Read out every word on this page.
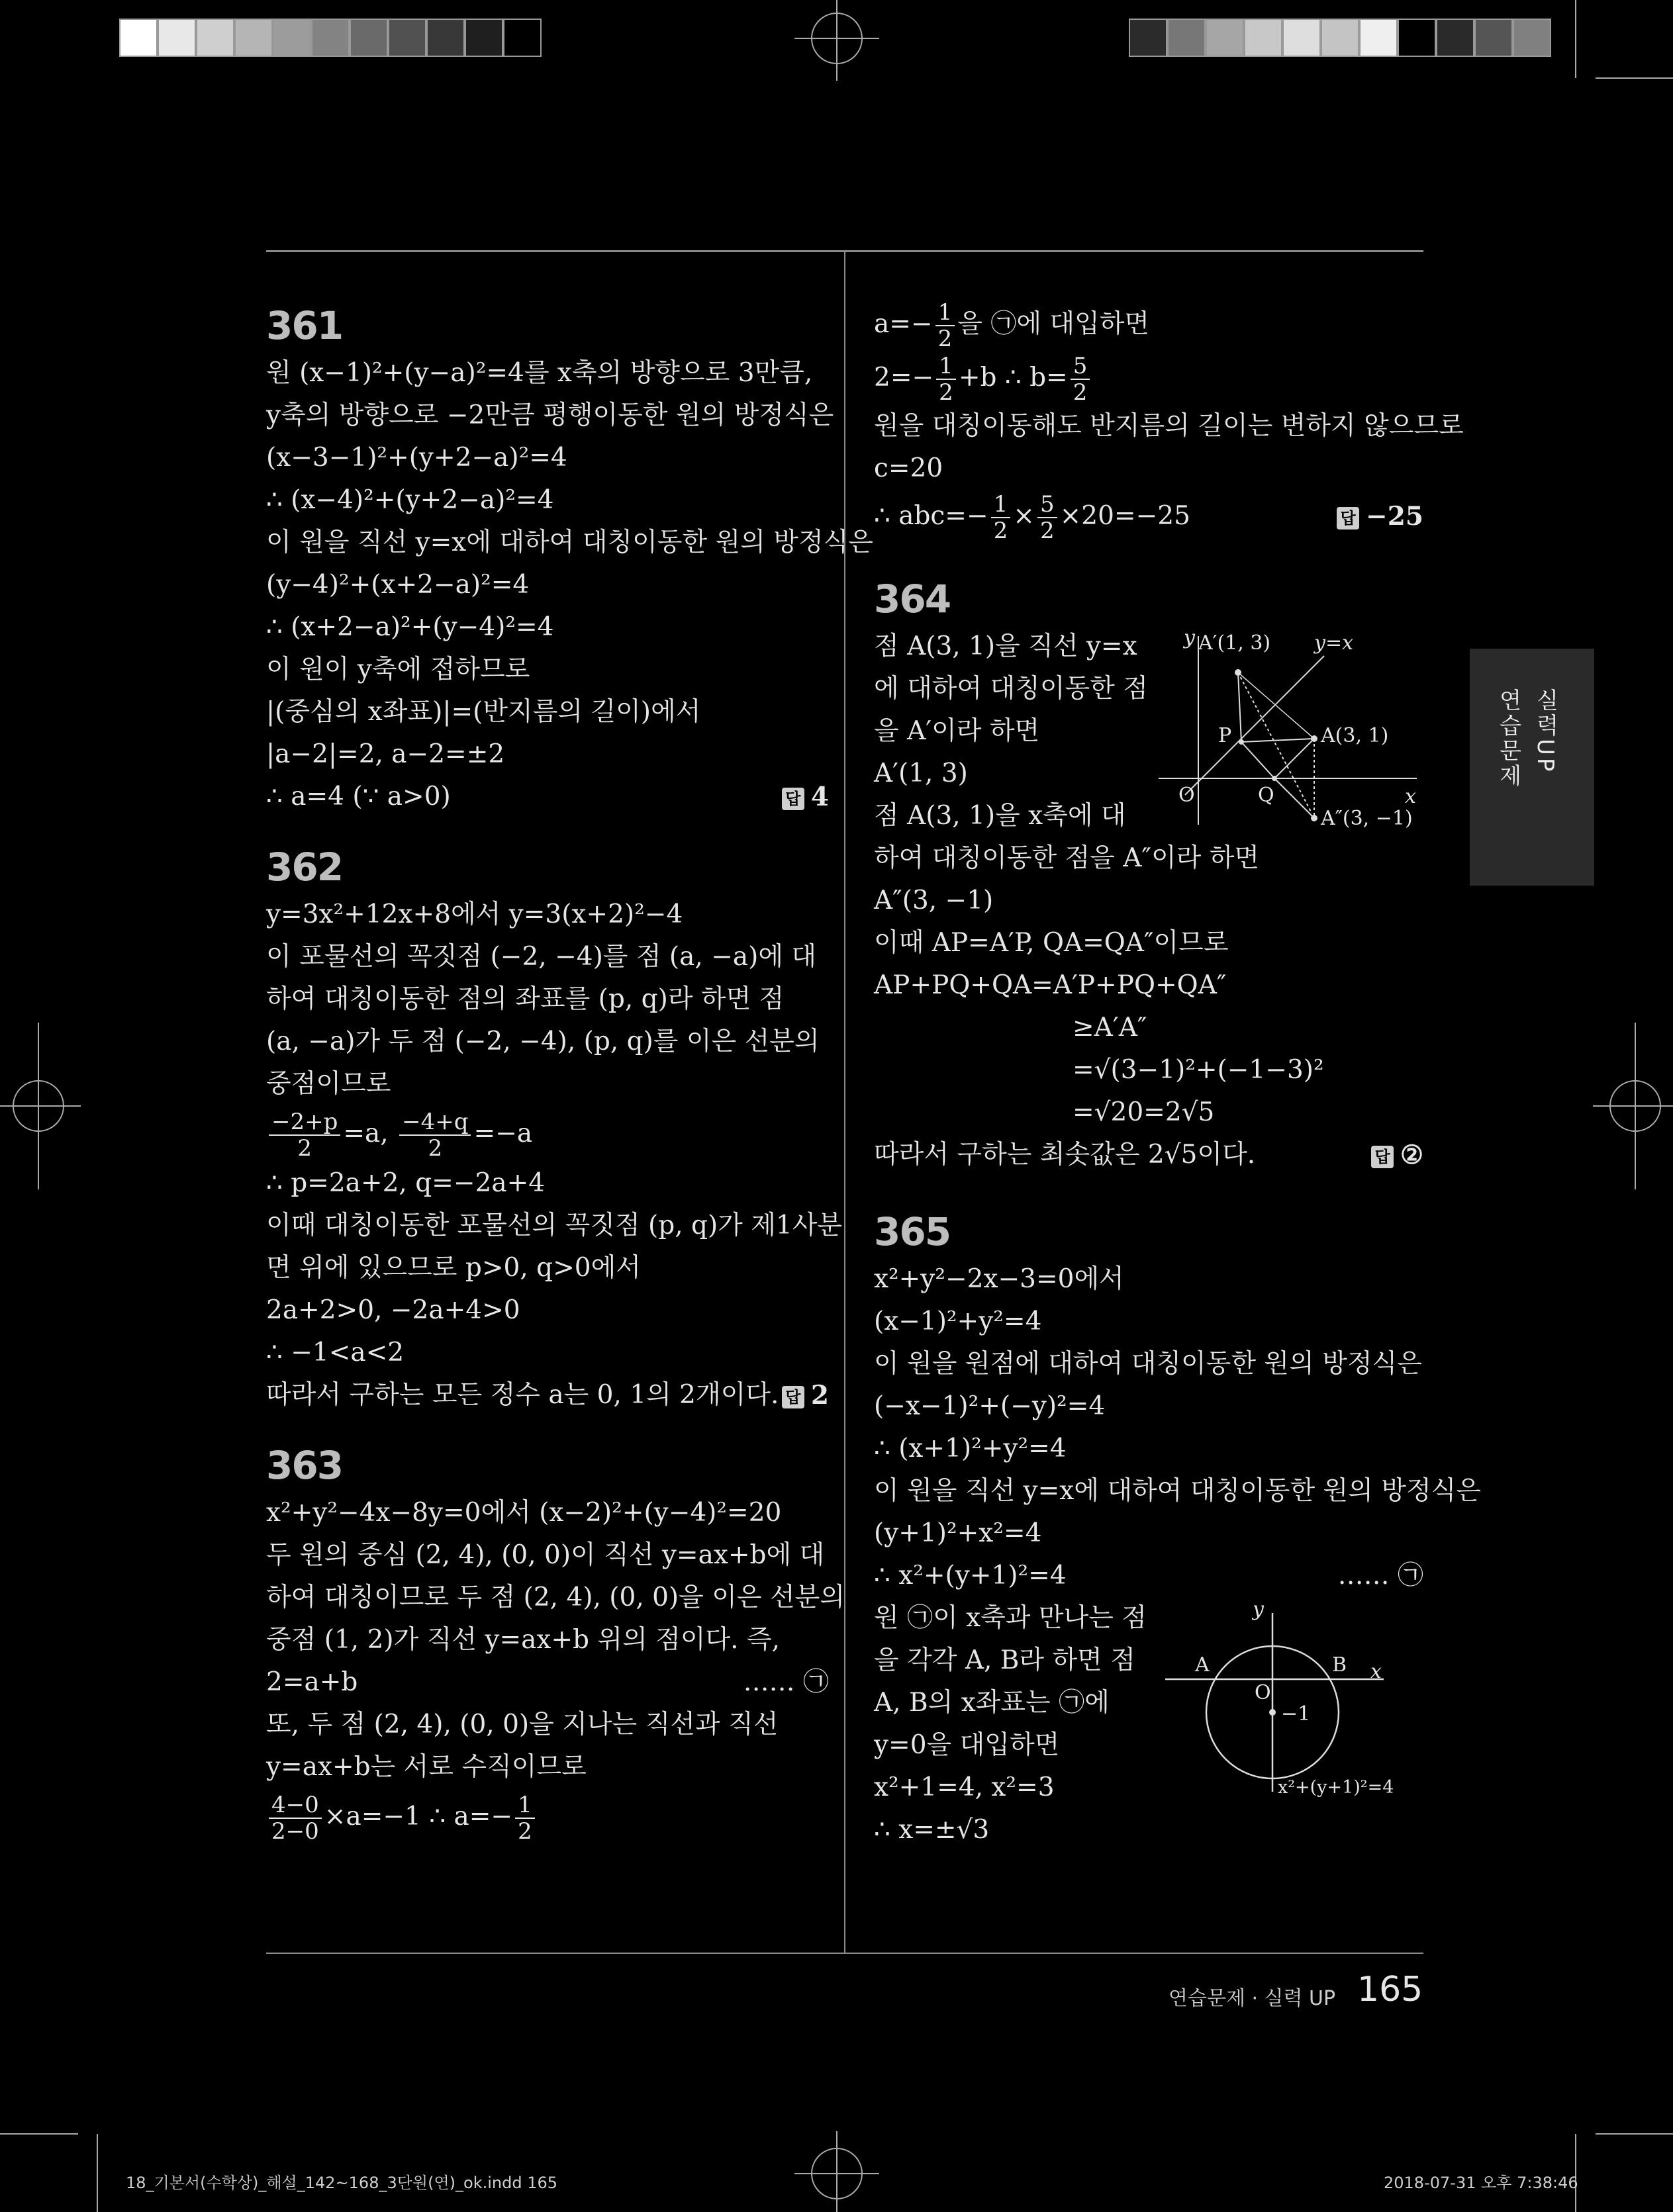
연습문제 실력UP
361
원 (x−1)²+(y−a)²=4를 x축의 방향으로 3만큼,
y축의 방향으로 −2만큼 평행이동한 원의 방정식은
(x−3−1)²+(y+2−a)²=4
∴ (x−4)²+(y+2−a)²=4
이 원을 직선 y=x에 대하여 대칭이동한 원의 방정식은
(y−4)²+(x+2−a)²=4
∴ (x+2−a)²+(y−4)²=4
이 원이 y축에 접하므로
|(중심의 x좌표)|=(반지름의 길이)에서
|a−2|=2, a−2=±2
∴ a=4 (∵ a>0)	답 4
362
y=3x²+12x+8에서 y=3(x+2)²−4
이 포물선의 꼭짓점 (−2, −4)를 점 (a, −a)에 대
하여 대칭이동한 점의 좌표를 (p, q)라 하면 점
(a, −a)가 두 점 (−2, −4), (p, q)를 이은 선분의
중점이므로
$\frac{-2+p}{2} =a$, $\frac{-4+q}{2} =-a$
∴ p=2a+2, q=−2a+4
이때 대칭이동한 포물선의 꼭짓점 (p, q)가 제1사분
면 위에 있으므로 p>0, q>0에서
2a+2>0, −2a+4>0
∴ −1<a<2
따라서 구하는 모든 정수 a는 0, 1의 2개이다. 답 2
363
x²+y²−4x−8y=0에서 (x−2)²+(y−4)²=20
두 원의 중심 (2, 4), (0, 0)이 직선 y=ax+b에 대
하여 대칭이므로 두 점 (2, 4), (0, 0)을 이은 선분의
중점 (1, 2)가 직선 y=ax+b 위의 점이다. 즉,
2=a+b	…… ㉠
또, 두 점 (2, 4), (0, 0)을 지나는 직선과 직선
y=ax+b는 서로 수직이므로
$\frac{4-0}{2-0} \times a=-1$ ∴ $a=- \frac{1}{2}$
$a=- \frac{1}{2}$ 을 ㉠에 대입하면
$2=- \frac{1}{2} +b$ ∴ $b= \frac{5}{2}$
원을 대칭이동해도 반지름의 길이는 변하지 않으므로
c=20
∴ $abc=- \frac{1}{2} \times \frac{5}{2} \times 20=-25$	답 −25
364
점 A(3, 1)을 직선 y=x
에 대하여 대칭이동한 점
을 A′이라 하면
A′(1, 3)
점 A(3, 1)을 x축에 대
하여 대칭이동한 점을 A″이라 하면
A″(3, −1)
이때 AP=A′P, QA=QA″이므로
AP+PQ+QA=A′P+PQ+QA″
≥A′A″
=√(3−1)²+(−1−3)²
=√20=2√5
따라서 구하는 최솟값은 2√5이다.	답 ②
y
x
O
A′(1, 3) y=x
P	A(3, 1)
Q
A″(3, −1)
365
x²+y²−2x−3=0에서
(x−1)²+y²=4
이 원을 원점에 대하여 대칭이동한 원의 방정식은
(−x−1)²+(−y)²=4
∴ (x+1)²+y²=4
이 원을 직선 y=x에 대하여 대칭이동한 원의 방정식은
(y+1)²+x²=4
∴ x²+(y+1)²=4	…… ㉠
원 ㉠이 x축과 만나는 점
을 각각 A, B라 하면 점
A, B의 x좌표는 ㉠에
y=0을 대입하면
x²+1=4, x²=3
∴ x=±√3
y
x
A	B
O
−1
x²+(y+1)²=4
연습문제 · 실력 UP 165
18_기본서(수학상)_해설_142~168_3단원(연)_ok.indd 165	2018-07-31 오후 7:38:46
